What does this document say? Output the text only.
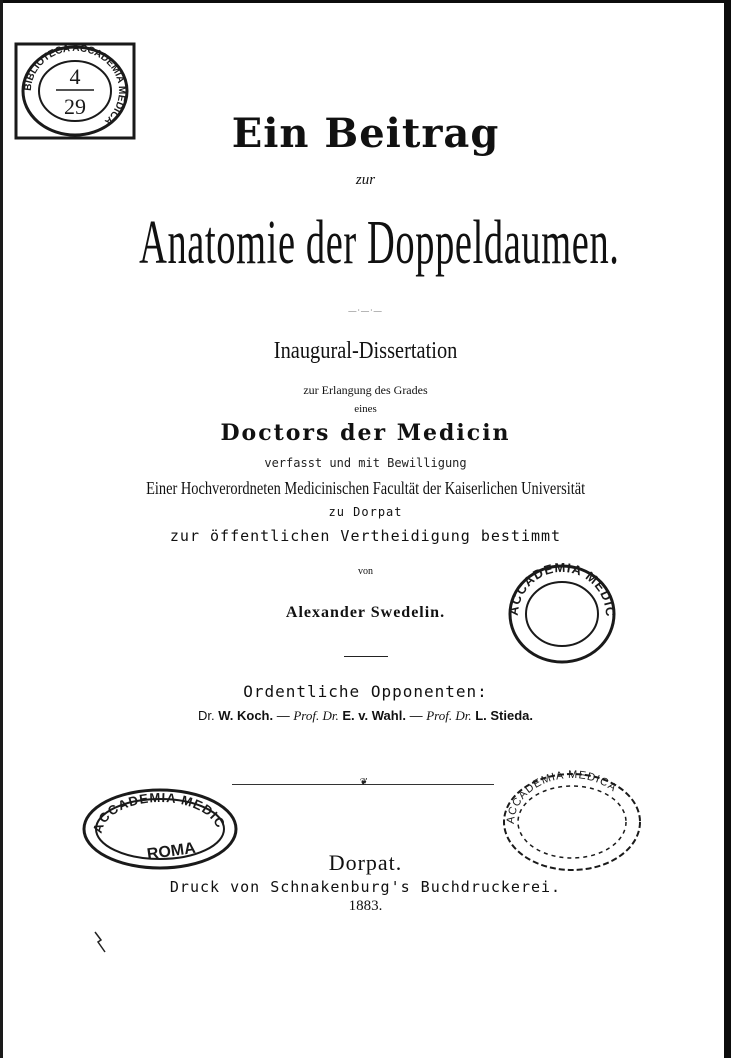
BIBLIOTECA ACCADEMIA MEDICA
4
29
Ein Beitrag
zur
Anatomie der Doppeldaumen.
—·—·—
Inaugural-Dissertation
zur Erlangung des Grades
eines
Doctors der Medicin
verfasst und mit Bewilligung
Einer Hochverordneten Medicinischen Facultät der Kaiserlichen Universität
zu Dorpat
zur öffentlichen Vertheidigung bestimmt
von
Alexander Swedelin.	ACCADEMIA MEDICA
Ordentliche Opponenten:
Dr. W. Koch. — Prof. Dr. E. v. Wahl. — Prof. Dr. L. Stieda.
❦
ACCADEMIA MEDICA
ROMA
ACCADEMIA MEDICA
Dorpat.
Druck von Schnakenburg's Buchdruckerei.
1883.
